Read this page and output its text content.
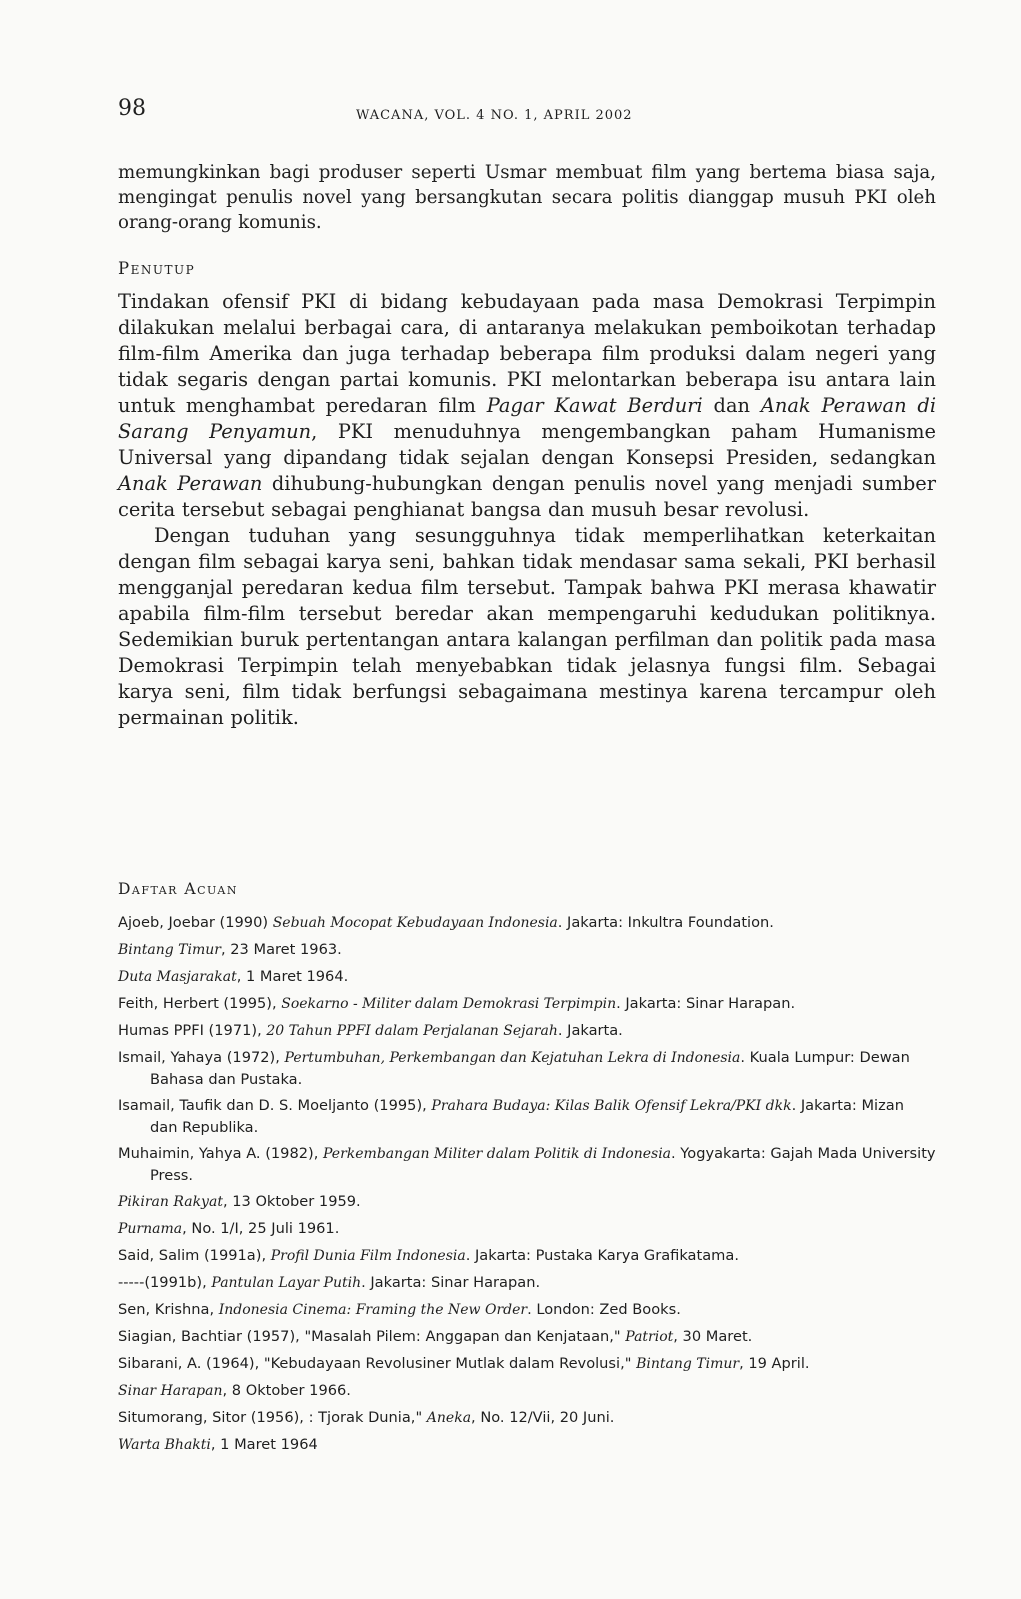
98	WACANA, VOL. 4 NO. 1, APRIL 2002

memungkinkan bagi produser seperti Usmar membuat film yang bertema biasa saja, mengingat penulis novel yang bersangkutan secara politis dianggap musuh PKI oleh orang-orang komunis.

Penutup

Tindakan ofensif PKI di bidang kebudayaan pada masa Demokrasi Terpimpin dilakukan melalui berbagai cara, di antaranya melakukan pemboikotan terhadap film-film Amerika dan juga terhadap beberapa film produksi dalam negeri yang tidak segaris dengan partai komunis. PKI melontarkan beberapa isu antara lain untuk menghambat peredaran film Pagar Kawat Berduri dan Anak Perawan di Sarang Penyamun, PKI menuduhnya mengembangkan paham Humanisme Universal yang dipandang tidak sejalan dengan Konsepsi Presiden, sedangkan Anak Perawan dihubung-hubungkan dengan penulis novel yang menjadi sumber cerita tersebut sebagai penghianat bangsa dan musuh besar revolusi.

Dengan tuduhan yang sesungguhnya tidak memperlihatkan keterkaitan dengan film sebagai karya seni, bahkan tidak mendasar sama sekali, PKI berhasil mengganjal peredaran kedua film tersebut. Tampak bahwa PKI merasa khawatir apabila film-film tersebut beredar akan mempengaruhi kedudukan politiknya. Sedemikian buruk pertentangan antara kalangan perfilman dan politik pada masa Demokrasi Terpimpin telah menyebabkan tidak jelasnya fungsi film. Sebagai karya seni, film tidak berfungsi sebagaimana mestinya karena tercampur oleh permainan politik.

Daftar Acuan
Ajoeb, Joebar (1990) Sebuah Mocopat Kebudayaan Indonesia. Jakarta: Inkultra Foundation.
Bintang Timur, 23 Maret 1963.
Duta Masjarakat, 1 Maret 1964.
Feith, Herbert (1995), Soekarno - Militer dalam Demokrasi Terpimpin. Jakarta: Sinar Harapan.
Humas PPFI (1971), 20 Tahun PPFI dalam Perjalanan Sejarah. Jakarta.
Ismail, Yahaya (1972), Pertumbuhan, Perkembangan dan Kejatuhan Lekra di Indonesia. Kuala Lumpur: Dewan Bahasa dan Pustaka.
Isamail, Taufik dan D. S. Moeljanto (1995), Prahara Budaya: Kilas Balik Ofensif Lekra/PKI dkk. Jakarta: Mizan dan Republika.
Muhaimin, Yahya A. (1982), Perkembangan Militer dalam Politik di Indonesia. Yogyakarta: Gajah Mada University Press.
Pikiran Rakyat, 13 Oktober 1959.
Purnama, No. 1/I, 25 Juli 1961.
Said, Salim (1991a), Profil Dunia Film Indonesia. Jakarta: Pustaka Karya Grafikatama.
-----(1991b), Pantulan Layar Putih. Jakarta: Sinar Harapan.
Sen, Krishna, Indonesia Cinema: Framing the New Order. London: Zed Books.
Siagian, Bachtiar (1957), "Masalah Pilem: Anggapan dan Kenjataan," Patriot, 30 Maret.
Sibarani, A. (1964), "Kebudayaan Revolusiner Mutlak dalam Revolusi," Bintang Timur, 19 April.
Sinar Harapan, 8 Oktober 1966.
Situmorang, Sitor (1956), : Tjorak Dunia," Aneka, No. 12/Vii, 20 Juni.
Warta Bhakti, 1 Maret 1964
